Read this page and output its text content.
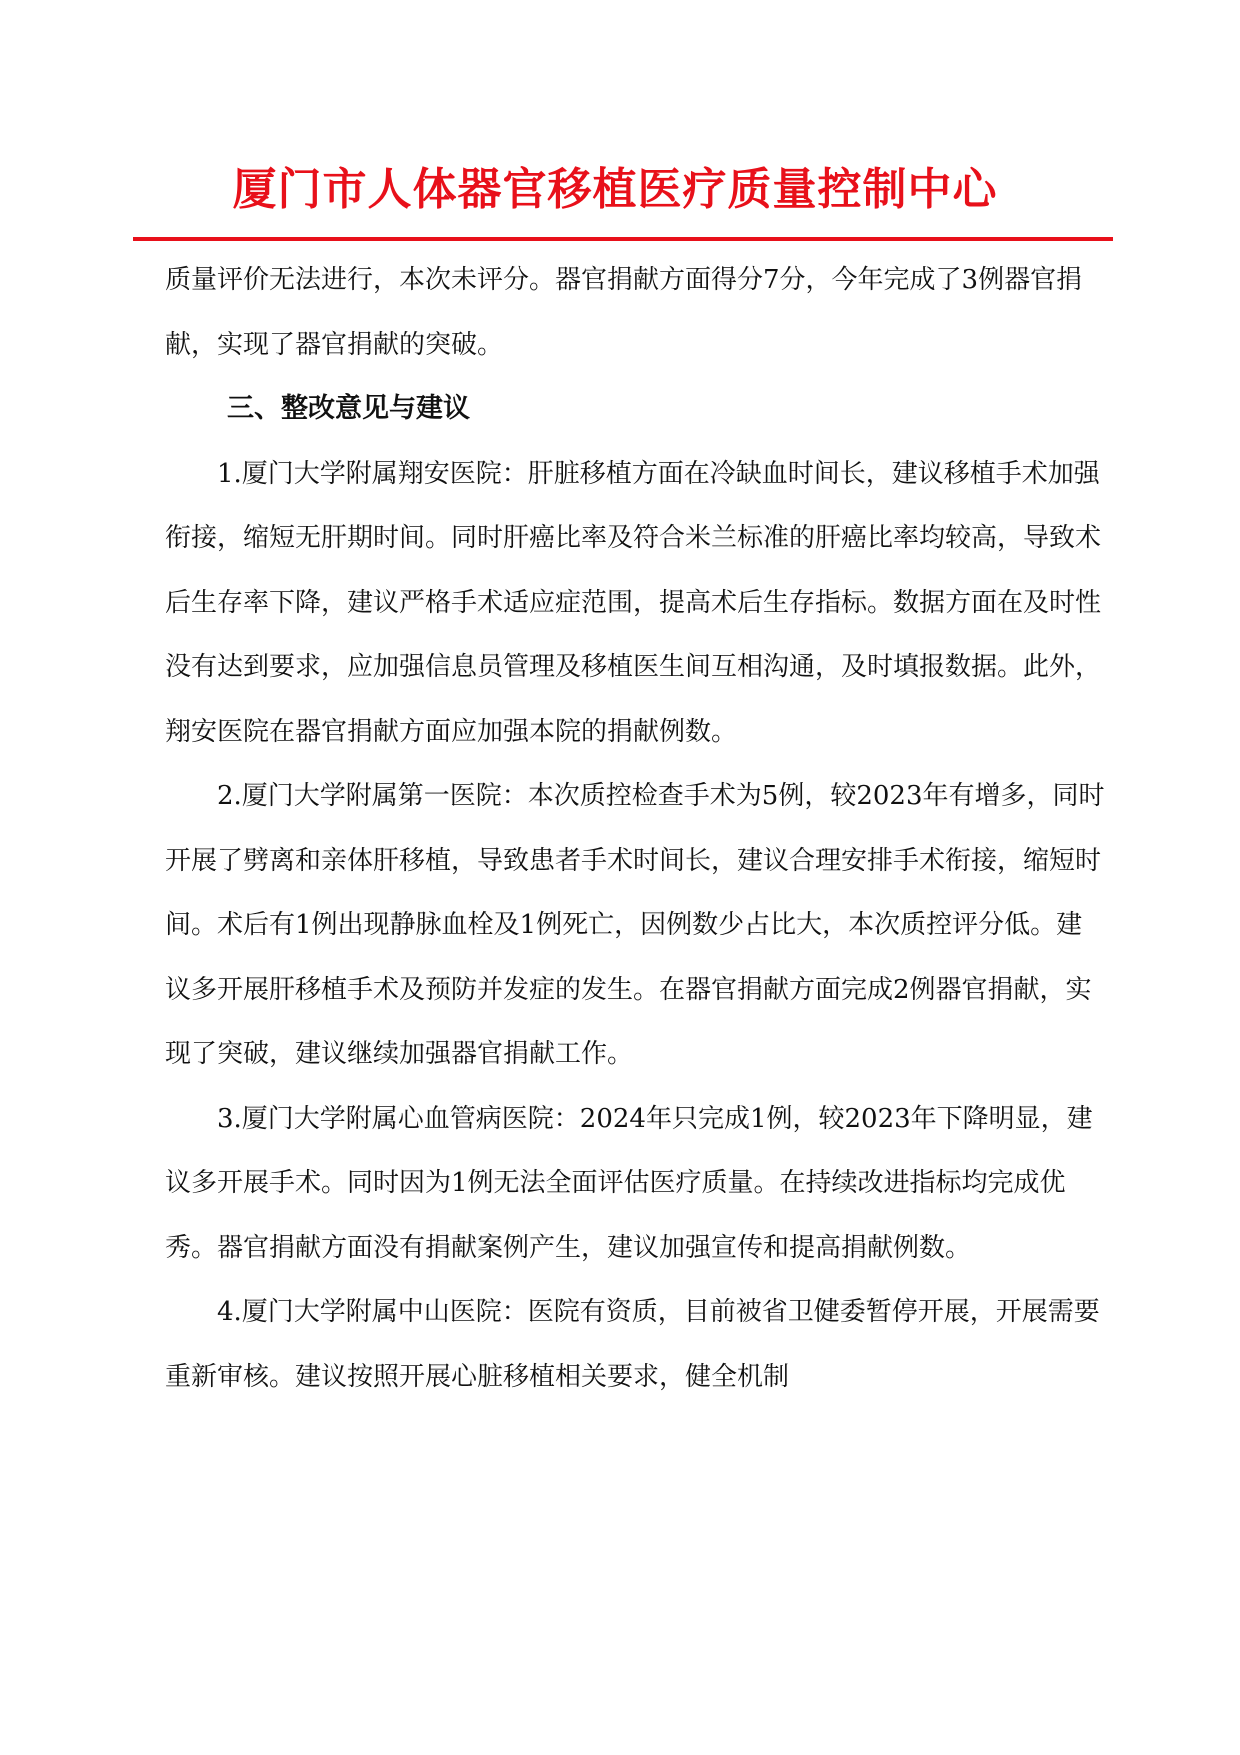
厦门市人体器官移植医疗质量控制中心

质量评价无法进行，本次未评分。器官捐献方面得分7分，今年完成了3例器官捐献，实现了器官捐献的突破。

三、整改意见与建议

1.厦门大学附属翔安医院：肝脏移植方面在冷缺血时间长，建议移植手术加强衔接，缩短无肝期时间。同时肝癌比率及符合米兰标准的肝癌比率均较高，导致术后生存率下降，建议严格手术适应症范围，提高术后生存指标。数据方面在及时性没有达到要求，应加强信息员管理及移植医生间互相沟通，及时填报数据。此外，翔安医院在器官捐献方面应加强本院的捐献例数。

2.厦门大学附属第一医院：本次质控检查手术为5例，较2023年有增多，同时开展了劈离和亲体肝移植，导致患者手术时间长，建议合理安排手术衔接，缩短时间。术后有1例出现静脉血栓及1例死亡，因例数少占比大，本次质控评分低。建议多开展肝移植手术及预防并发症的发生。在器官捐献方面完成2例器官捐献，实现了突破，建议继续加强器官捐献工作。

3.厦门大学附属心血管病医院：2024年只完成1例，较2023年下降明显，建议多开展手术。同时因为1例无法全面评估医疗质量。在持续改进指标均完成优秀。器官捐献方面没有捐献案例产生，建议加强宣传和提高捐献例数。

4.厦门大学附属中山医院：医院有资质，目前被省卫健委暂停开展，开展需要重新审核。建议按照开展心脏移植相关要求，健全机制
